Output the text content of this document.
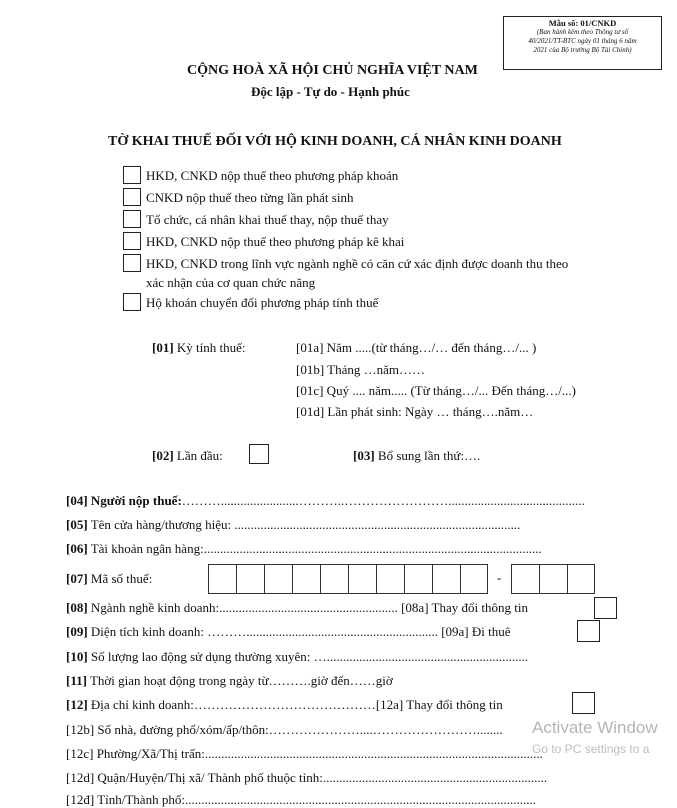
Mẫu số: 01/CNKD
(Ban hành kèm theo Thông tư số
40/2021/TT-BTC ngày 01 tháng 6 năm
2021 của Bộ trưởng Bộ Tài Chính)
CỘNG HOÀ XÃ HỘI CHỦ NGHĨA VIỆT NAM
Độc lập - Tự do - Hạnh phúc
TỜ KHAI THUẾ ĐỐI VỚI HỘ KINH DOANH, CÁ NHÂN KINH DOANH
HKD, CNKD nộp thuế theo phương pháp khoán
CNKD nộp thuế theo từng lần phát sinh
Tổ chức, cá nhân khai thuế thay, nộp thuế thay
HKD, CNKD nộp thuế theo phương pháp kê khai
HKD, CNKD trong lĩnh vực ngành nghề có căn cứ xác định được doanh thu theo
xác nhận của cơ quan chức năng
Hộ khoán chuyển đổi phương pháp tính thuế
[01] Kỳ tính thuế:	[01a] Năm .....(từ tháng…/… đến tháng…/... )
[01b] Tháng …năm……
[01c] Quý .... năm..... (Từ tháng…/... Đến tháng…/...)
[01d] Lần phát sinh: Ngày … tháng….năm…
[02] Lần đầu:	[03] Bổ sung lần thứ:….
[04] Người nộp thuế:………........................………..……………………..........................................
[05] Tên cửa hàng/thương hiệu: ........................................................................................
[06] Tài khoản ngân hàng:........................................................................................................
[07] Mã số thuế:	-
[08] Ngành nghề kinh doanh:....................................................... [08a] Thay đổi thông tin
[09] Diện tích kinh doanh: ………........................................................... [09a] Đi thuê
[10] Số lượng lao động sử dụng thường xuyên: …..............................................................
[11] Thời gian hoạt động trong ngày từ……….giờ đến……giờ
[12] Địa chỉ kinh doanh:……………………………………[12a] Thay đổi thông tin
[12b] Số nhà, đường phố/xóm/ấp/thôn:…………………....……………………........
[12c] Phường/Xã/Thị trấn:........................................................................................................
[12d] Quận/Huyện/Thị xã/ Thành phố thuộc tỉnh:.....................................................................
[12đ] Tỉnh/Thành phố:............................................................................................................
Activate Window
Go to PC settings to a
